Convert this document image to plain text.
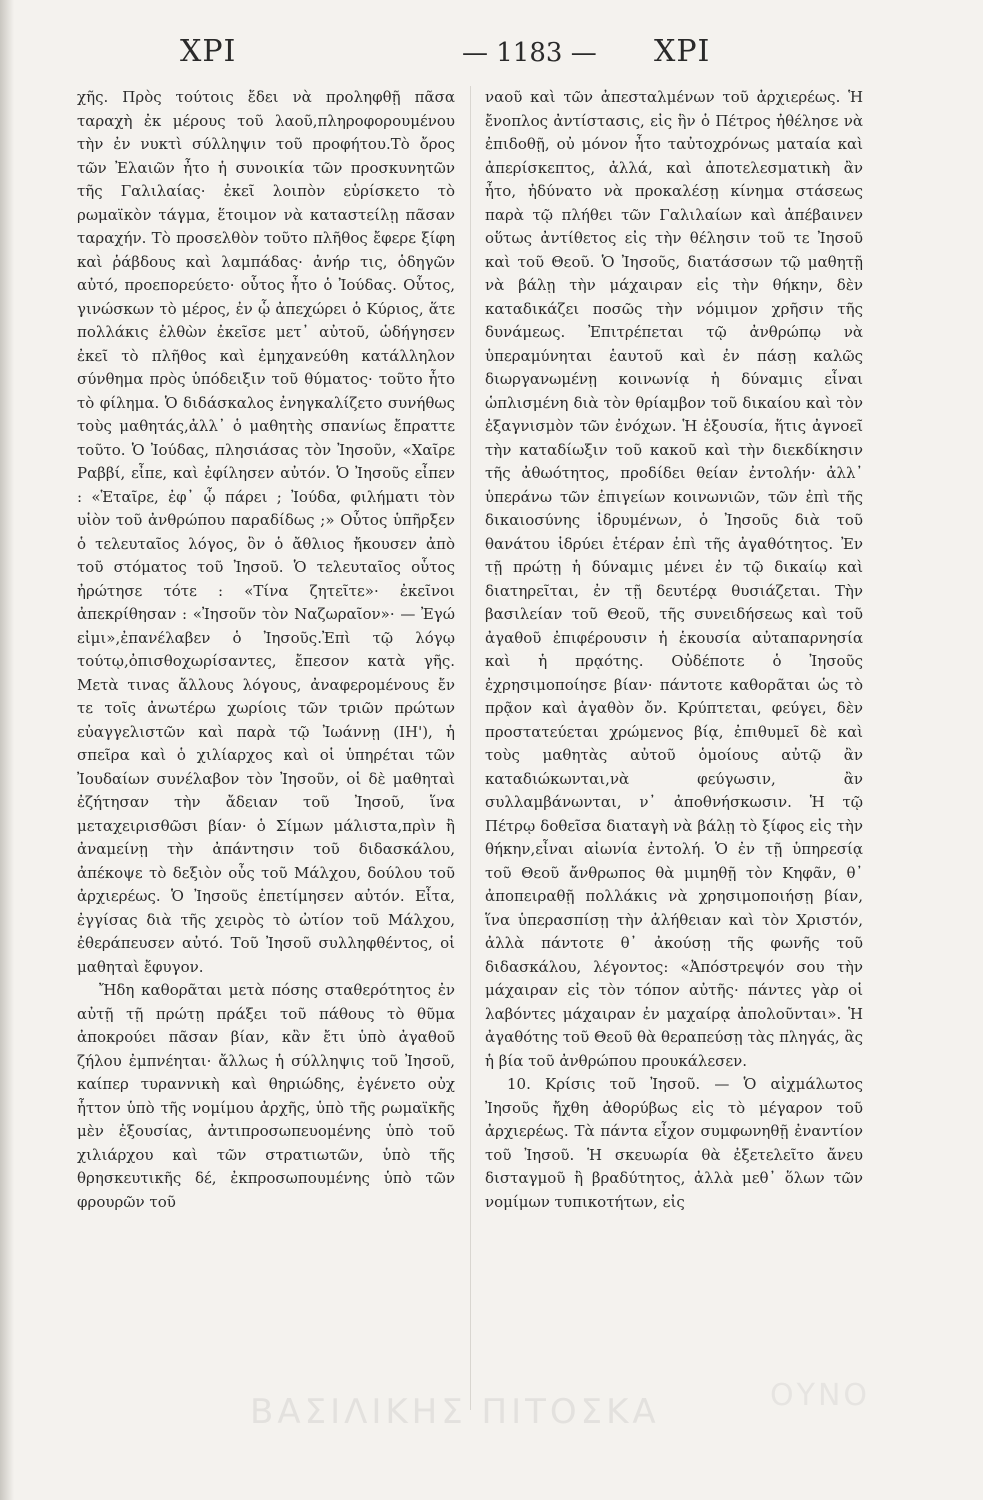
ΧΡΙ	— 1183 — ΧΡΙ

χῆς. Πρὸς τούτοις ἔδει νὰ προληφθῇ πᾶσα ταραχὴ ἐκ μέρους τοῦ λαοῦ,πληροφορουμένου τὴν ἐν νυκτὶ σύλληψιν τοῦ προφήτου.Τὸ ὄρος τῶν Ἐλαιῶν ἦτο ἡ συνοικία τῶν προσκυνητῶν τῆς Γαλιλαίας· ἐκεῖ λοιπὸν εὑρίσκετο τὸ ρωμαϊκὸν τάγμα, ἕτοιμον νὰ καταστείλῃ πᾶσαν ταραχήν. Τὸ προσελθὸν τοῦτο πλῆθος ἔφερε ξίφη καὶ ῥάβδους καὶ λαμπάδας· ἀνήρ τις, ὁδηγῶν αὐτό, προεπορεύετο· οὗτος ἦτο ὁ Ἰούδας. Οὗτος, γινώσκων τὸ μέρος, ἐν ᾧ ἀπεχώρει ὁ Κύριος, ἅτε πολλάκις ἐλθὼν ἐκεῖσε μετ᾽ αὐτοῦ, ὡδήγησεν ἐκεῖ τὸ πλῆθος καὶ ἐμηχανεύθη κατάλληλον σύνθημα πρὸς ὑπόδειξιν τοῦ θύματος· τοῦτο ἦτο τὸ φίλημα. Ὁ διδάσκαλος ἐνηγκαλίζετο συνήθως τοὺς μαθητάς,ἀλλ᾽ ὁ μαθητὴς σπανίως ἔπραττε τοῦτο. Ὁ Ἰούδας, πλησιάσας τὸν Ἰησοῦν, «Χαῖρε Ραββί, εἶπε, καὶ ἐφίλησεν αὐτόν. Ὁ Ἰησοῦς εἶπεν : «Ἑταῖρε, ἐφ᾽ ᾧ πάρει ; Ἰούδα, φιλήματι τὸν υἱὸν τοῦ ἀνθρώπου παραδίδως ;» Οὗτος ὑπῆρξεν ὁ τελευταῖος λόγος, ὃν ὁ ἄθλιος ἤκουσεν ἀπὸ τοῦ στόματος τοῦ Ἰησοῦ. Ὁ τελευταῖος οὗτος ἠρώτησε τότε : «Τίνα ζητεῖτε»· ἐκεῖνοι ἀπεκρίθησαν : «Ἰησοῦν τὸν Ναζωραῖον»· — Ἐγώ εἰμι»,ἐπανέλαβεν ὁ Ἰησοῦς.Ἐπὶ τῷ λόγῳ τούτῳ,ὀπισθοχωρίσαντες, ἔπεσον κατὰ γῆς. Μετὰ τινας ἄλλους λόγους, ἀναφερομένους ἔν τε τοῖς ἀνωτέρω χωρίοις τῶν τριῶν πρώτων εὐαγγελιστῶν καὶ παρὰ τῷ Ἰωάννῃ (ΙΗ'), ἡ σπεῖρα καὶ ὁ χιλίαρχος καὶ οἱ ὑπηρέται τῶν Ἰουδαίων συνέλαβον τὸν Ἰησοῦν, οἱ δὲ μαθηταὶ ἐζήτησαν τὴν ἄδειαν τοῦ Ἰησοῦ, ἵνα μεταχειρισθῶσι βίαν· ὁ Σίμων μάλιστα,πρὶν ἢ ἀναμείνῃ τὴν ἀπάντησιν τοῦ διδασκάλου, ἀπέκοψε τὸ δεξιὸν οὖς τοῦ Μάλχου, δούλου τοῦ ἀρχιερέως. Ὁ Ἰησοῦς ἐπετίμησεν αὐτόν. Εἶτα, ἐγγίσας διὰ τῆς χειρὸς τὸ ὠτίον τοῦ Μάλχου, ἐθεράπευσεν αὐτό. Τοῦ Ἰησοῦ συλληφθέντος, οἱ μαθηταὶ ἔφυγον.

Ἤδη καθορᾶται μετὰ πόσης σταθερότητος ἐν αὐτῇ τῇ πρώτῃ πράξει τοῦ πάθους τὸ θῦμα ἀποκρούει πᾶσαν βίαν, κἂν ἔτι ὑπὸ ἀγαθοῦ ζήλου ἐμπνέηται· ἄλλως ἡ σύλληψις τοῦ Ἰησοῦ, καίπερ τυραννικὴ καὶ θηριώδης, ἐγένετο οὐχ ἧττον ὑπὸ τῆς νομίμου ἀρχῆς, ὑπὸ τῆς ρωμαϊκῆς μὲν ἐξουσίας, ἀντιπροσωπευομένης ὑπὸ τοῦ χιλιάρχου καὶ τῶν στρατιωτῶν, ὑπὸ τῆς θρησκευτικῆς δέ, ἐκπροσωπουμένης ὑπὸ τῶν φρουρῶν τοῦ

ναοῦ καὶ τῶν ἀπεσταλμένων τοῦ ἀρχιερέως. Ἡ ἔνοπλος ἀντίστασις, εἰς ἣν ὁ Πέτρος ἠθέλησε νὰ ἐπιδοθῇ, οὐ μόνον ἦτο ταὐτοχρόνως ματαία καὶ ἀπερίσκεπτος, ἀλλά, καὶ ἀποτελεσματικὴ ἂν ἦτο, ἠδύνατο νὰ προκαλέσῃ κίνημα στάσεως παρὰ τῷ πλήθει τῶν Γαλιλαίων καὶ ἀπέβαινεν οὕτως ἀντίθετος εἰς τὴν θέλησιν τοῦ τε Ἰησοῦ καὶ τοῦ Θεοῦ. Ὁ Ἰησοῦς, διατάσσων τῷ μαθητῇ νὰ βάλῃ τὴν μάχαιραν εἰς τὴν θήκην, δὲν καταδικάζει ποσῶς τὴν νόμιμον χρῆσιν τῆς δυνάμεως. Ἐπιτρέπεται τῷ ἀνθρώπῳ νὰ ὑπεραμύνηται ἑαυτοῦ καὶ ἐν πάσῃ καλῶς διωργανωμένῃ κοινωνίᾳ ἡ δύναμις εἶναι ὡπλισμένη διὰ τὸν θρίαμβον τοῦ δικαίου καὶ τὸν ἐξαγνισμὸν τῶν ἐνόχων. Ἡ ἐξουσία, ἥτις ἀγνοεῖ τὴν καταδίωξιν τοῦ κακοῦ καὶ τὴν διεκδίκησιν τῆς ἀθωότητος, προδίδει θείαν ἐντολήν· ἀλλ᾽ ὑπεράνω τῶν ἐπιγείων κοινωνιῶν, τῶν ἐπὶ τῆς δικαιοσύνης ἱδρυμένων, ὁ Ἰησοῦς διὰ τοῦ θανάτου ἱδρύει ἑτέραν ἐπὶ τῆς ἀγαθότητος. Ἐν τῇ πρώτῃ ἡ δύναμις μένει ἐν τῷ δικαίῳ καὶ διατηρεῖται, ἐν τῇ δευτέρᾳ θυσιάζεται. Τὴν βασιλείαν τοῦ Θεοῦ, τῆς συνειδήσεως καὶ τοῦ ἀγαθοῦ ἐπιφέρουσιν ἡ ἑκουσία αὐταπαρνησία καὶ ἡ πρᾳότης. Οὐδέποτε ὁ Ἰησοῦς ἐχρησιμοποίησε βίαν· πάντοτε καθορᾶται ὡς τὸ πρᾷον καὶ ἀγαθὸν ὄν. Κρύπτεται, φεύγει, δὲν προστατεύεται χρώμενος βίᾳ, ἐπιθυμεῖ δὲ καὶ τοὺς μαθητὰς αὐτοῦ ὁμοίους αὐτῷ ἂν καταδιώκωνται,νὰ φεύγωσιν, ἂν συλλαμβάνωνται, ν᾽ ἀποθνήσκωσιν. Ἡ τῷ Πέτρῳ δοθεῖσα διαταγὴ νὰ βάλῃ τὸ ξίφος εἰς τὴν θήκην,εἶναι αἰωνία ἐντολή. Ὁ ἐν τῇ ὑπηρεσίᾳ τοῦ Θεοῦ ἄνθρωπος θὰ μιμηθῇ τὸν Κηφᾶν, θ᾽ ἀποπειραθῇ πολλάκις νὰ χρησιμοποιήσῃ βίαν, ἵνα ὑπερασπίσῃ τὴν ἀλήθειαν καὶ τὸν Χριστόν, ἀλλὰ πάντοτε θ᾽ ἀκούσῃ τῆς φωνῆς τοῦ διδασκάλου, λέγοντος: «Ἀπόστρεψόν σου τὴν μάχαιραν εἰς τὸν τόπον αὐτῆς· πάντες γὰρ οἱ λαβόντες μάχαιραν ἐν μαχαίρᾳ ἀπολοῦνται». Ἡ ἀγαθότης τοῦ Θεοῦ θὰ θεραπεύσῃ τὰς πληγάς, ἃς ἡ βία τοῦ ἀνθρώπου προυκάλεσεν.

10. Κρίσις τοῦ Ἰησοῦ. — Ὁ αἰχμάλωτος Ἰησοῦς ἤχθη ἀθορύβως εἰς τὸ μέγαρον τοῦ ἀρχιερέως. Τὰ πάντα εἶχον συμφωνηθῇ ἐναντίον τοῦ Ἰησοῦ. Ἡ σκευωρία θὰ ἐξετελεῖτο ἄνευ δισταγμοῦ ἢ βραδύτητος, ἀλλὰ μεθ᾽ ὅλων τῶν νομίμων τυπικοτήτων, εἰς

ΒΑΣΙΛΙΚΗΣ ΠΙΤΟΣΚΑ	ΟΥΝΟ
